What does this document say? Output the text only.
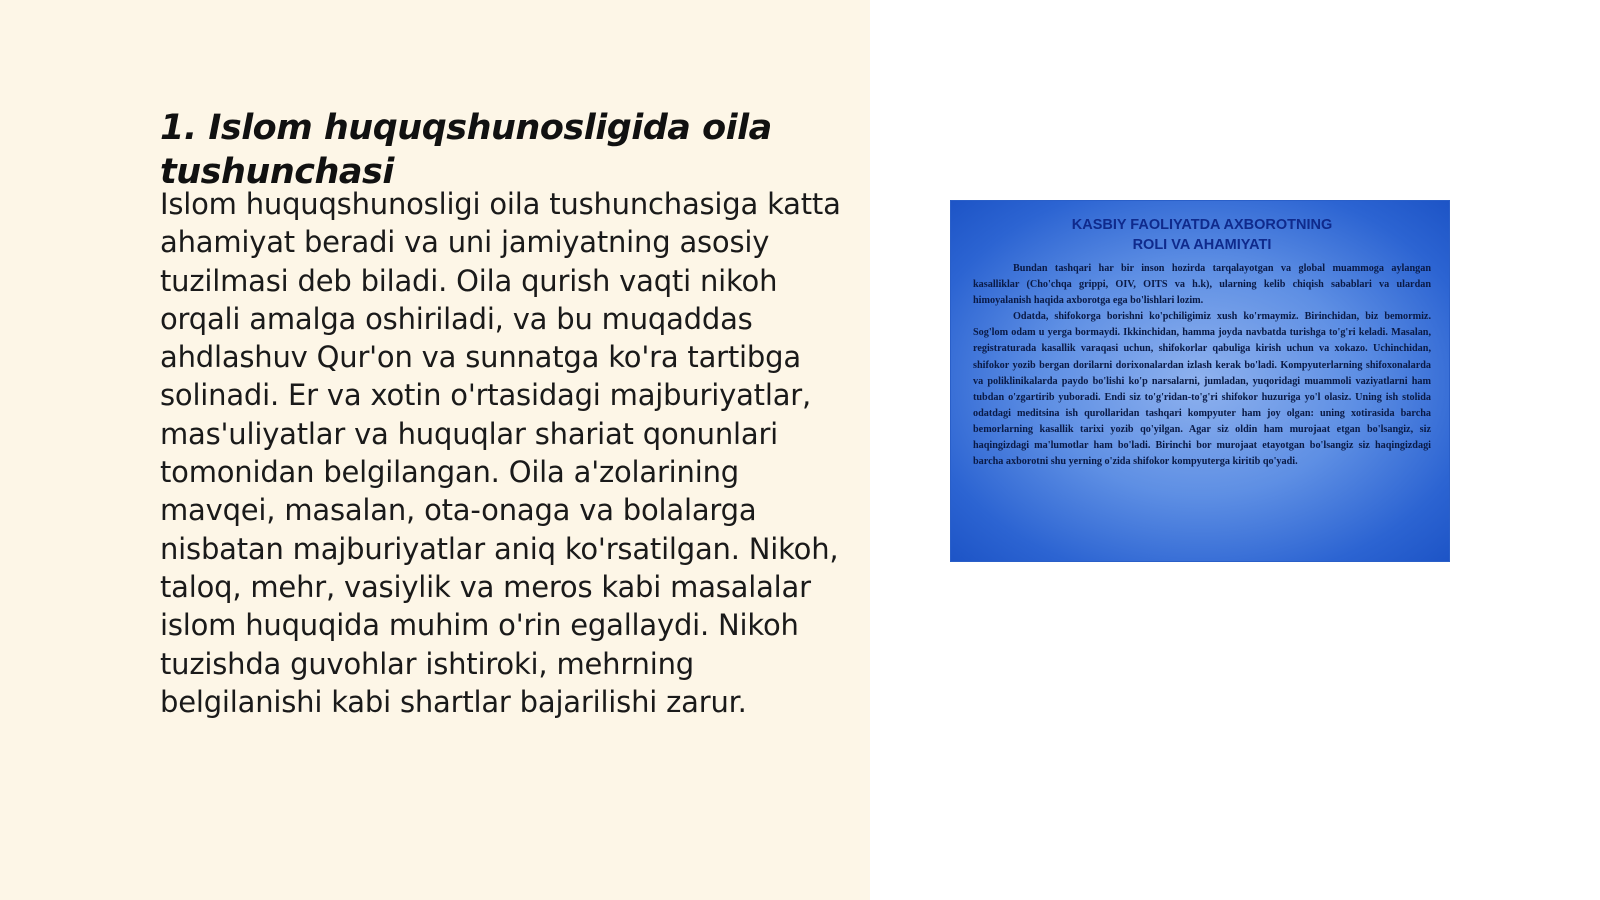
1. Islom huquqshunosligida oila tushunchasi

Islom huquqshunosligi oila tushunchasiga katta ahamiyat beradi va uni jamiyatning asosiy tuzilmasi deb biladi. Oila qurish vaqti nikoh orqali amalga oshiriladi, va bu muqaddas ahdlashuv Qur'on va sunnatga ko'ra tartibga solinadi. Er va xotin o'rtasidagi majburiyatlar, mas'uliyatlar va huquqlar shariat qonunlari tomonidan belgilangan. Oila a'zolarining mavqei, masalan, ota-onaga va bolalarga nisbatan majburiyatlar aniq ko'rsatilgan. Nikoh, taloq, mehr, vasiylik va meros kabi masalalar islom huquqida muhim o'rin egallaydi. Nikoh tuzishda guvohlar ishtiroki, mehrning belgilanishi kabi shartlar bajarilishi zarur.

KASBIY FAOLIYATDA AXBOROTNING
ROLI VA AHAMIYATI

Bundan tashqari har bir inson hozirda tarqalayotgan va global muammoga aylangan kasalliklar (Cho'chqa grippi, OIV, OITS va h.k), ularning kelib chiqish sabablari va ulardan himoyalanish haqida axborotga ega bo'lishlari lozim.

Odatda, shifokorga borishni ko'pchiligimiz xush ko'rmaymiz. Birinchidan, biz bemormiz. Sog'lom odam u yerga bormaydi. Ikkinchidan, hamma joyda navbatda turishga to'g'ri keladi. Masalan, registraturada kasallik varaqasi uchun, shifokorlar qabuliga kirish uchun va xokazo. Uchinchidan, shifokor yozib bergan dorilarni dorixonalardan izlash kerak bo'ladi. Kompyuterlarning shifoxonalarda va poliklinikalarda paydo bo'lishi ko'p narsalarni, jumladan, yuqoridagi muammoli vaziyatlarni ham tubdan o'zgartirib yuboradi. Endi siz to'g'ridan-to'g'ri shifokor huzuriga yo'l olasiz. Uning ish stolida odatdagi meditsina ish qurollaridan tashqari kompyuter ham joy olgan: uning xotirasida barcha bemorlarning kasallik tarixi yozib qo'yilgan. Agar siz oldin ham murojaat etgan bo'lsangiz, siz haqingizdagi ma'lumotlar ham bo'ladi. Birinchi bor murojaat etayotgan bo'lsangiz siz haqingizdagi barcha axborotni shu yerning o'zida shifokor kompyuterga kiritib qo'yadi.
